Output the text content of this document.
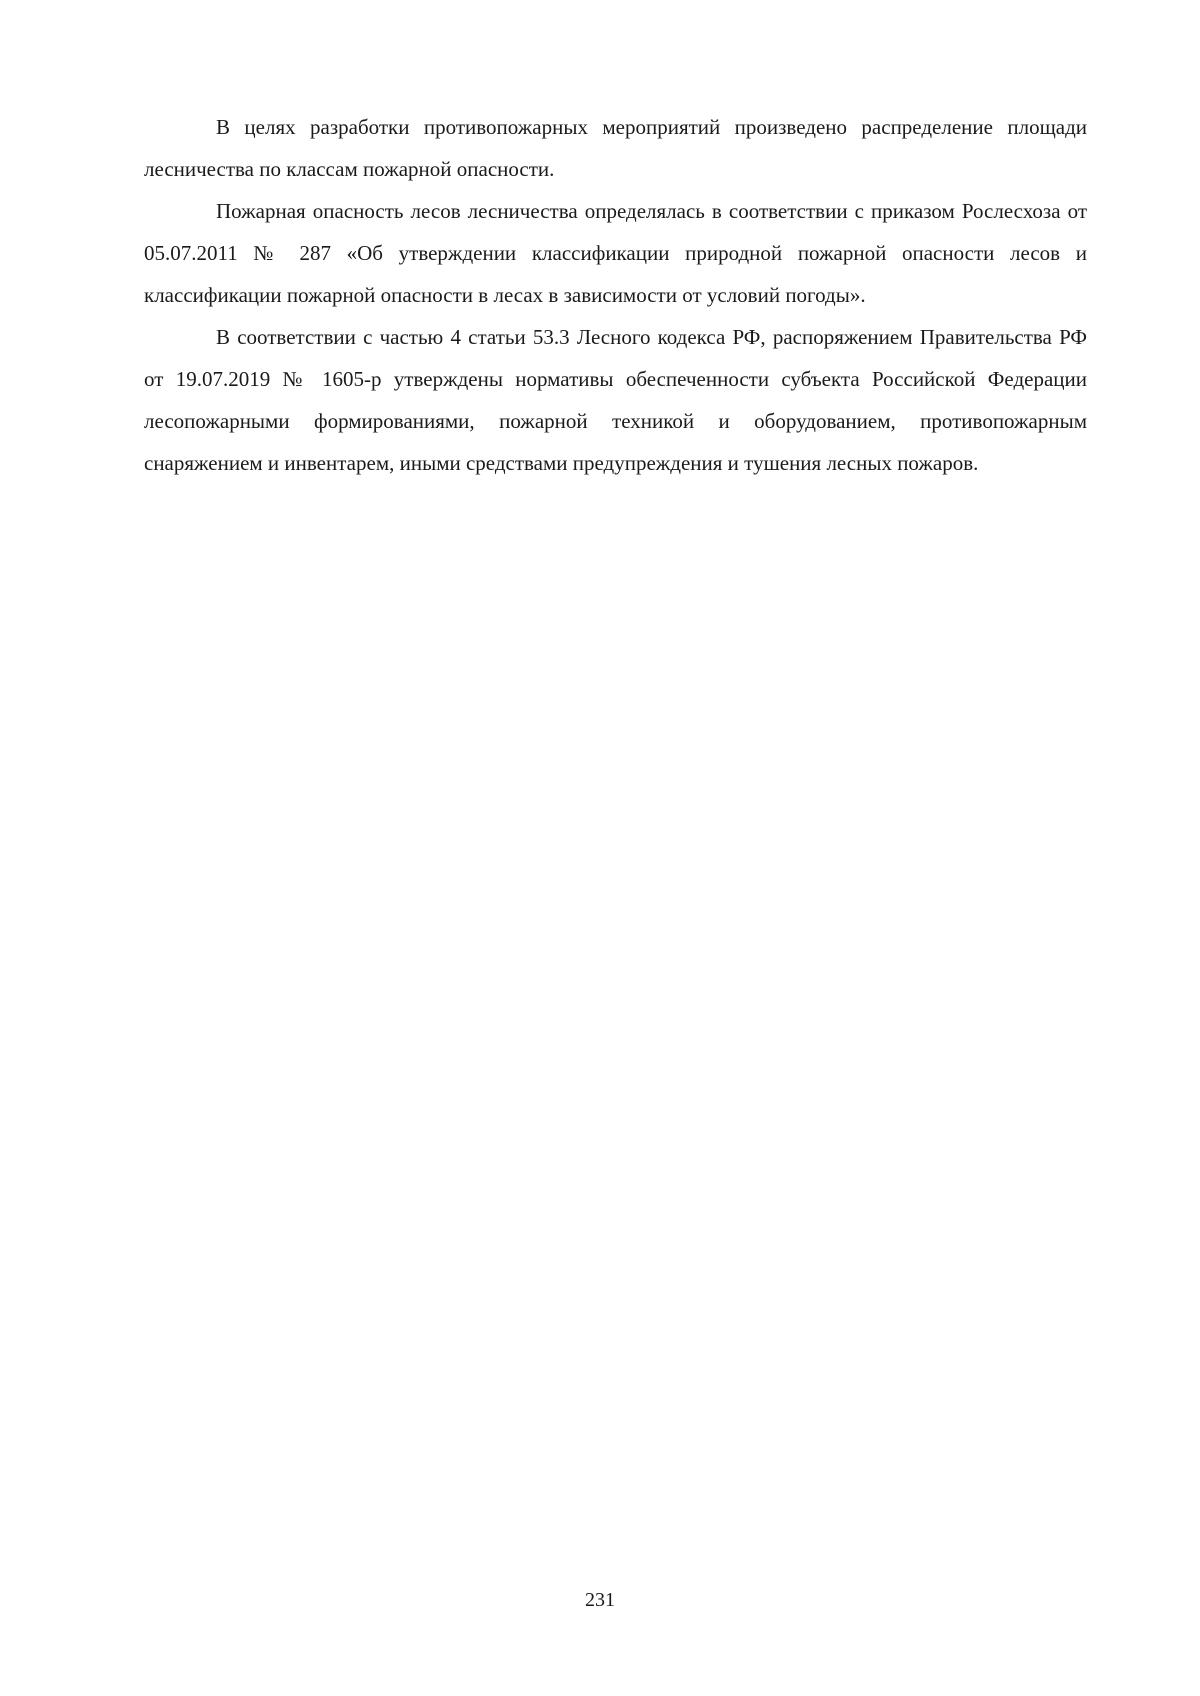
В целях разработки противопожарных мероприятий произведено распределение площади лесничества по классам пожарной опасности.

Пожарная опасность лесов лесничества определялась в соответствии с приказом Рослесхоза от 05.07.2011 № 287 «Об утверждении классификации природной пожарной опасности лесов и классификации пожарной опасности в лесах в зависимости от условий погоды».

В соответствии с частью 4 статьи 53.3 Лесного кодекса РФ, распоряжением Правительства РФ от 19.07.2019 № 1605-р утверждены нормативы обеспеченности субъекта Российской Федерации лесопожарными формированиями, пожарной техникой и оборудованием, противопожарным снаряжением и инвентарем, иными средствами предупреждения и тушения лесных пожаров.

231
